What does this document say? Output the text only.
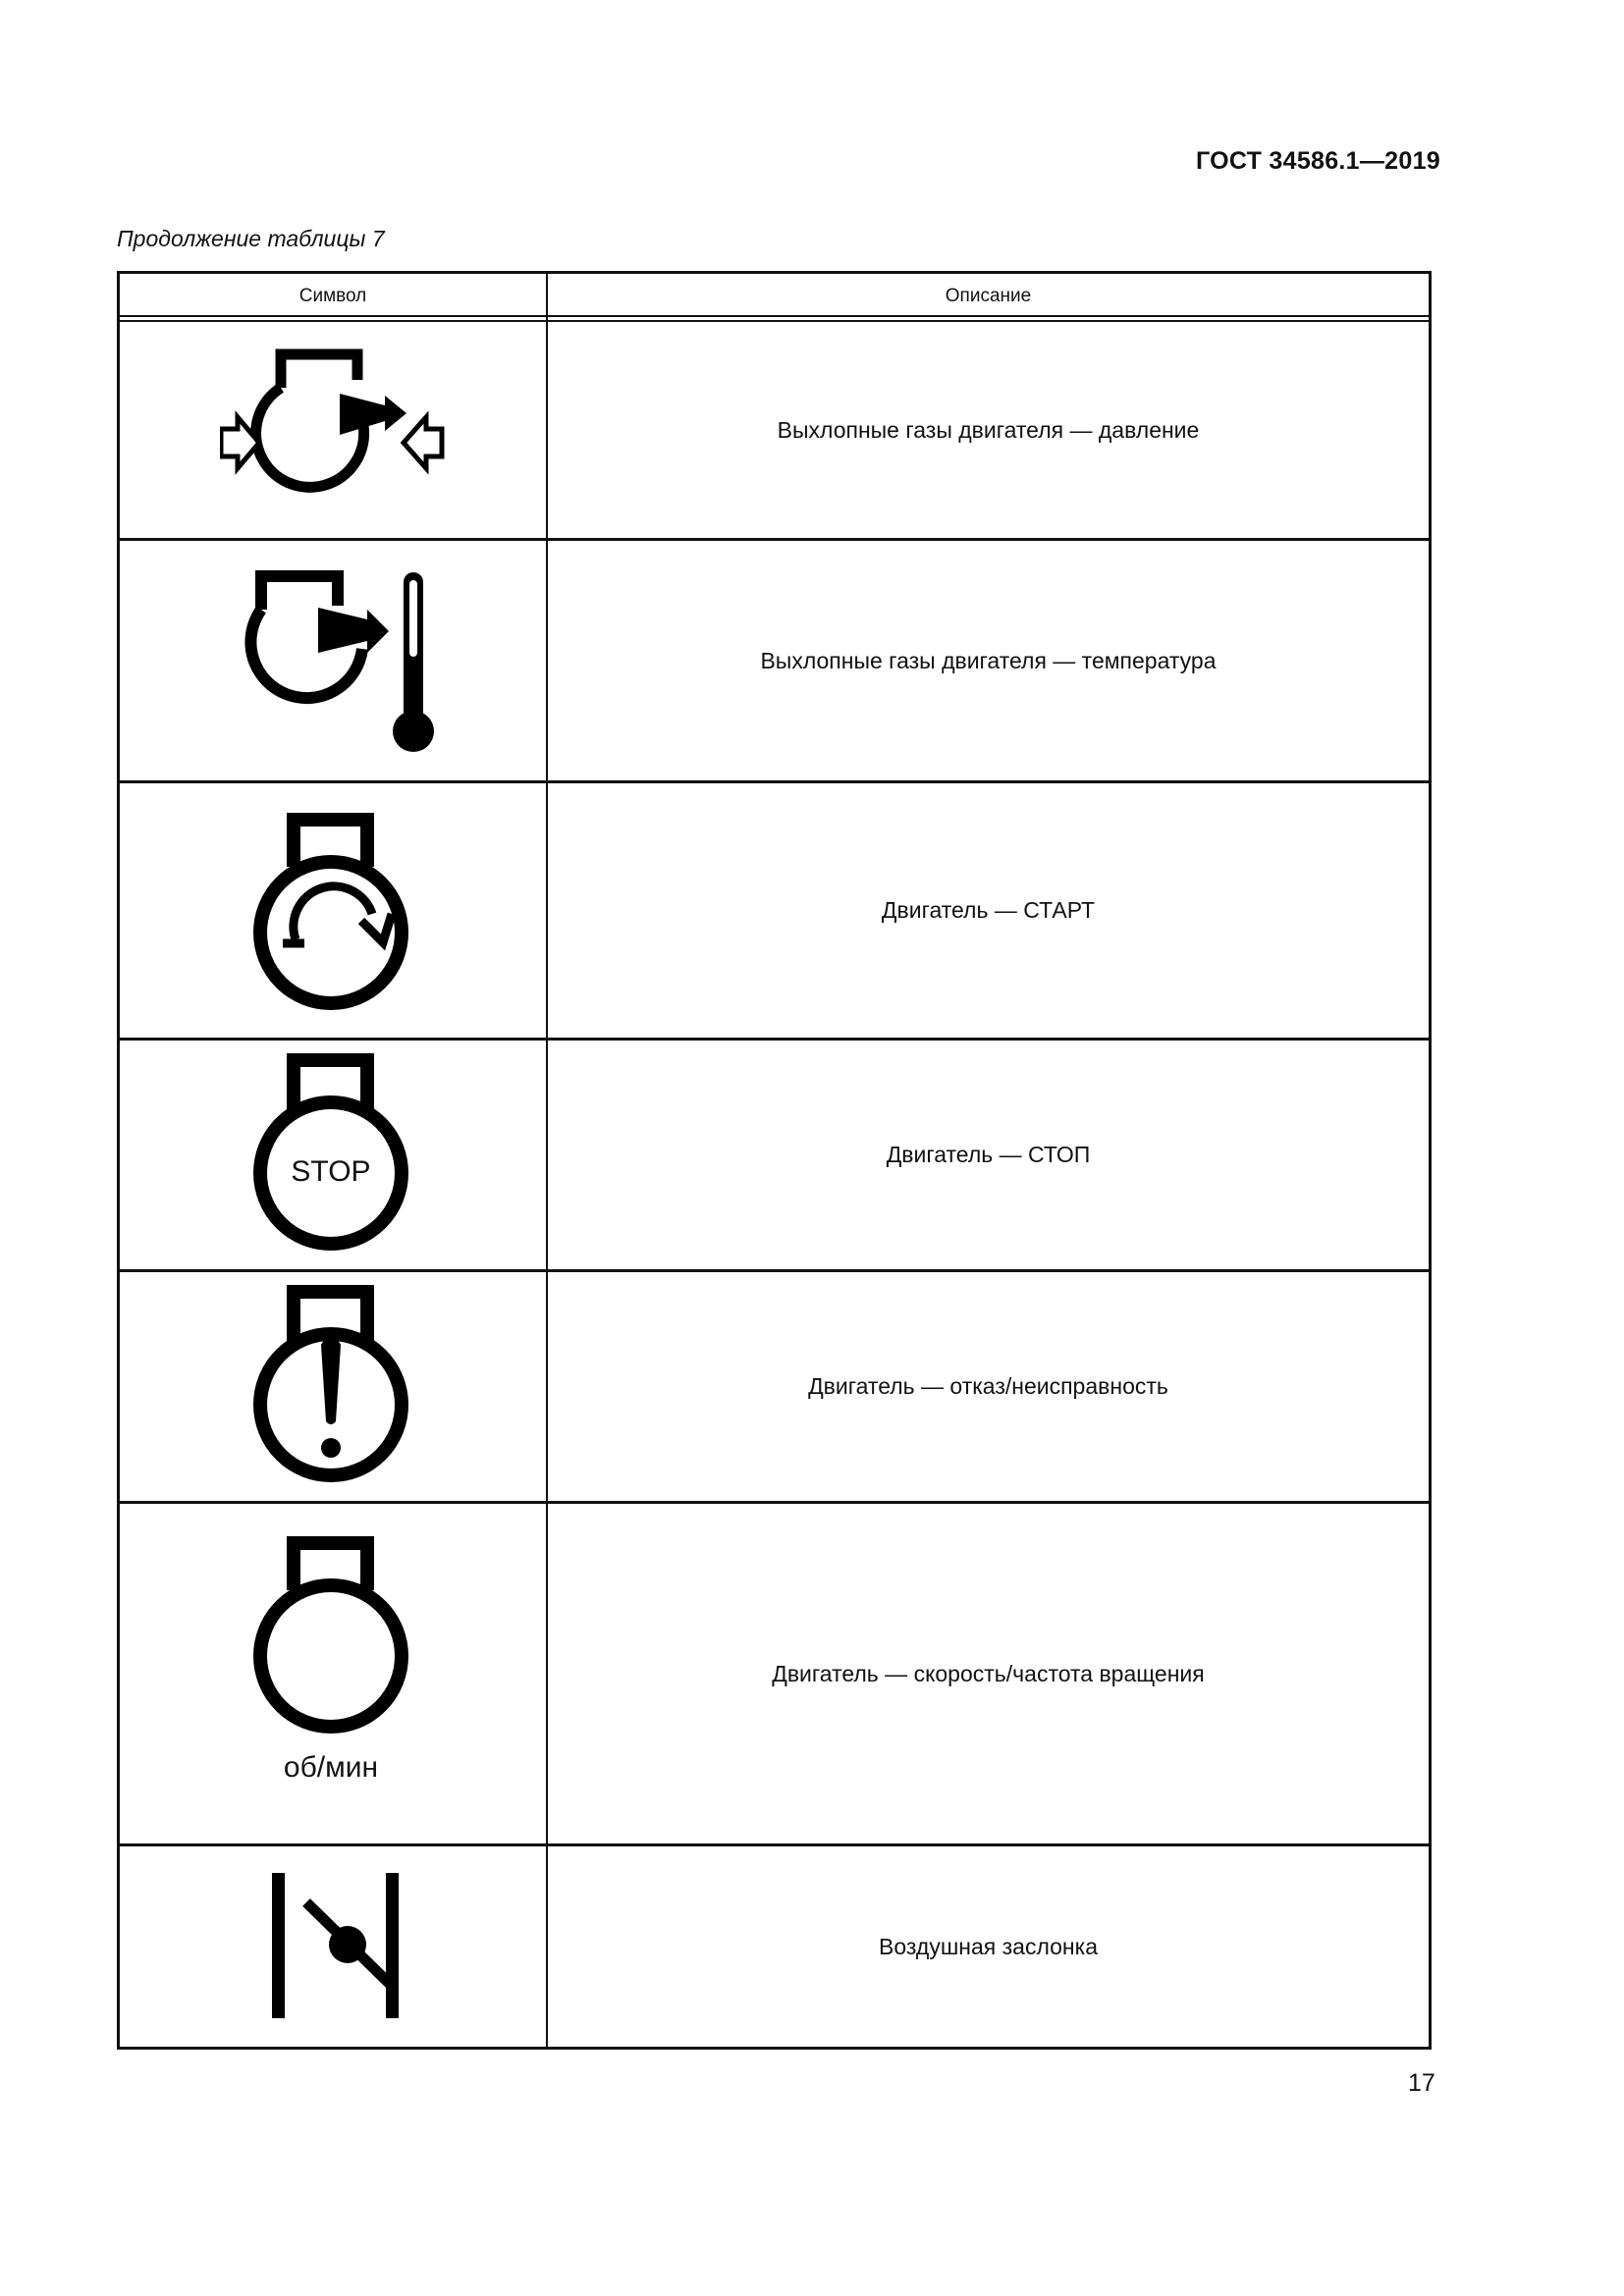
ГОСТ 34586.1—2019
Продолжение таблицы 7
Символ	Описание
Выхлопные газы двигателя — давление
Выхлопные газы двигателя — температура
Двигатель — СТАРТ
STOP
Двигатель — СТОП
Двигатель — отказ/неисправность
об/мин
Двигатель — скорость/частота вращения
Воздушная заслонка
17
